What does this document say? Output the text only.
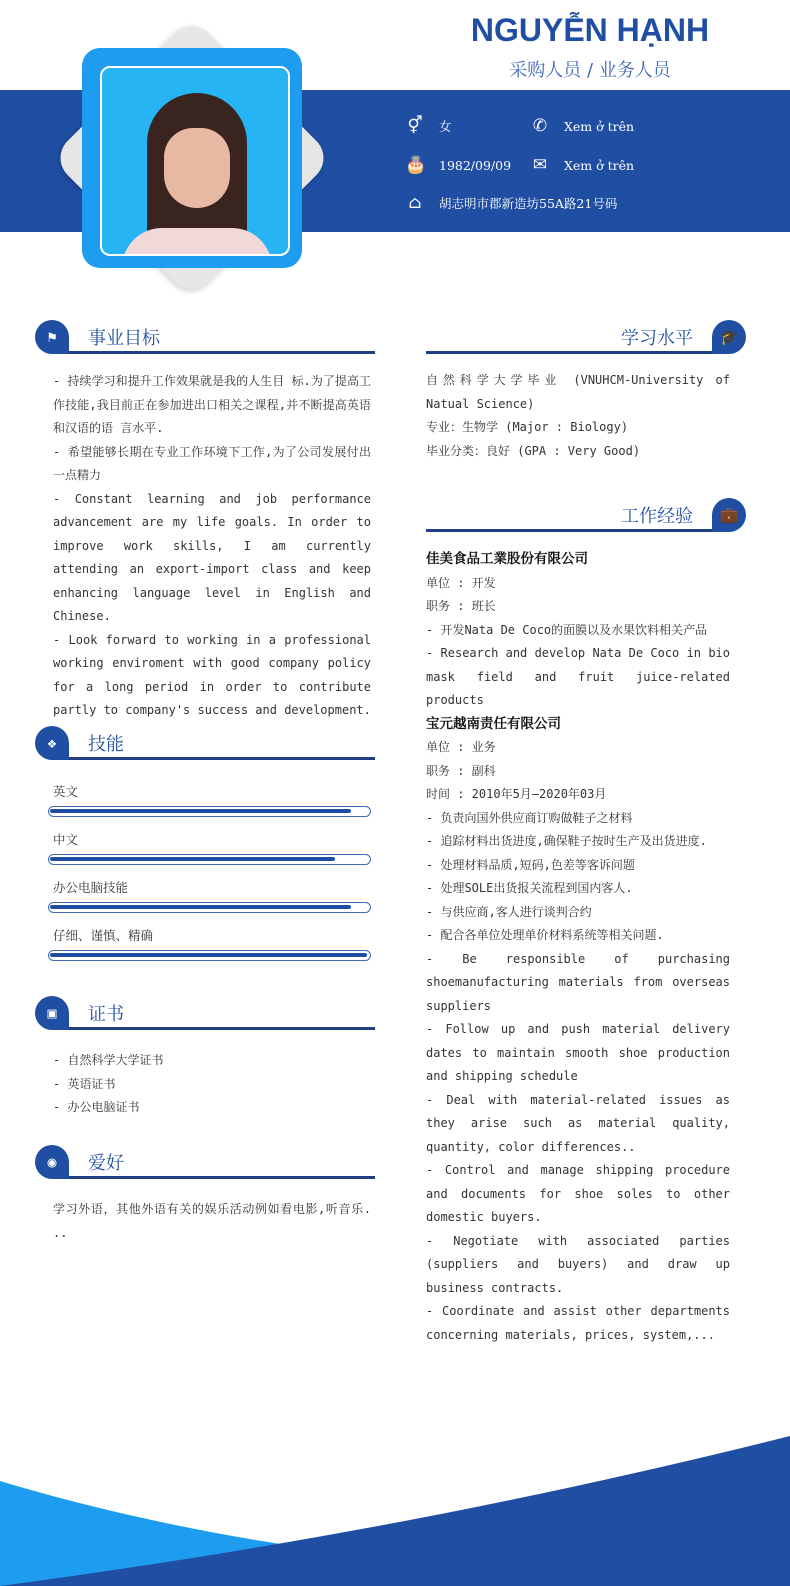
NGUYỄN HẠNH
采购人员 / 业务人员
⚥ 女	✆ Xem ở trên
🎂 1982/09/09 ✉ Xem ở trên
⌂ 胡志明市郡新造坊55A路21号码
⚑	事业目标

- 持续学习和提升工作效果就是我的人生目 标.为了提高工作技能,我目前正在参加进出口相关之课程,并不断提高英语和汉语的语 言水平.

- 希望能够长期在专业工作环境下工作,为了公司发展付出一点精力

- Constant learning and job performance advancement are my life goals. In order to improve work skills, I am currently attending an export-import class and keep enhancing language level in English and Chinese.

- Look forward to working in a professional working enviroment with good company policy for a long period in order to contribute partly to company's success and development.

❖	技能
英文
中文
办公电脑技能
仔细、谨慎、精确
▣	证书

- 自然科学大学证书

- 英语证书

- 办公电脑证书

◉	爱好
学习外语，其他外语有关的娱乐活动例如看电影,听音乐. ..
🎓
学习水平

自然科学大学毕业 (VNUHCM-University of Natual Science)

专业：生物学 (Major : Biology)

毕业分类：良好 (GPA : Very Good)

💼
工作经验

佳美食品工業股份有限公司

单位 : 开发

职务 : 班长

- 开发Nata De Coco的面膜以及水果饮料相关产品

- Research and develop Nata De Coco in bio mask field and fruit juice-related products

宝元越南责任有限公司

单位 : 业务

职务 : 副科

时间 : 2010年5月—2020年03月

- 负责向国外供应商订购做鞋子之材料

- 追踪材料出货进度,确保鞋子按时生产及出货进度.

- 处理材料品质,短码,色差等客诉问题

- 处理SOLE出货报关流程到国内客人.

- 与供应商,客人进行谈判合约

- 配合各单位处理单价材料系统等相关问题.

- Be responsible of purchasing shoemanufacturing materials from overseas suppliers

- Follow up and push material delivery dates to maintain smooth shoe production and shipping schedule

- Deal with material-related issues as they arise such as material quality, quantity, color differences..

- Control and manage shipping procedure and documents for shoe soles to other domestic buyers.

- Negotiate with associated parties (suppliers and buyers) and draw up business contracts.

- Coordinate and assist other departments concerning materials, prices, system,...
